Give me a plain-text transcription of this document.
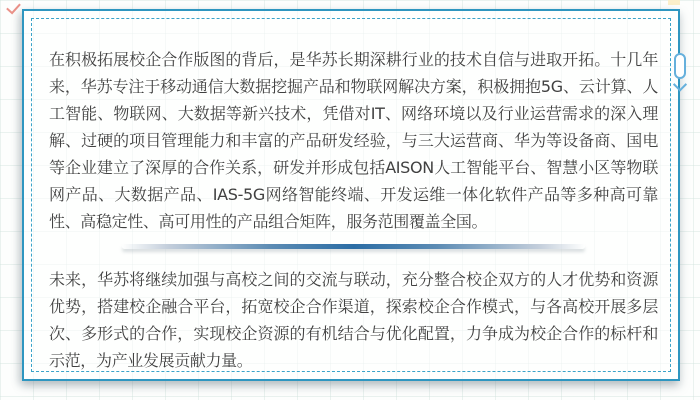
在积极拓展校企合作版图的背后，是华苏长期深耕行业的技术自信与进取开拓。十几年来，华苏专注于移动通信大数据挖掘产品和物联网解决方案，积极拥抱5G、云计算、人工智能、物联网、大数据等新兴技术，凭借对IT、网络环境以及行业运营需求的深入理解、过硬的项目管理能力和丰富的产品研发经验，与三大运营商、华为等设备商、国电等企业建立了深厚的合作关系，研发并形成包括AISON人工智能平台、智慧小区等物联网产品、大数据产品、IAS-5G网络智能终端、开发运维一体化软件产品等多种高可靠性、高稳定性、高可用性的产品组合矩阵，服务范围覆盖全国。

未来，华苏将继续加强与高校之间的交流与联动，充分整合校企双方的人才优势和资源优势，搭建校企融合平台，拓宽校企合作渠道，探索校企合作模式，与各高校开展多层次、多形式的合作，实现校企资源的有机结合与优化配置，力争成为校企合作的标杆和示范，为产业发展贡献力量。
